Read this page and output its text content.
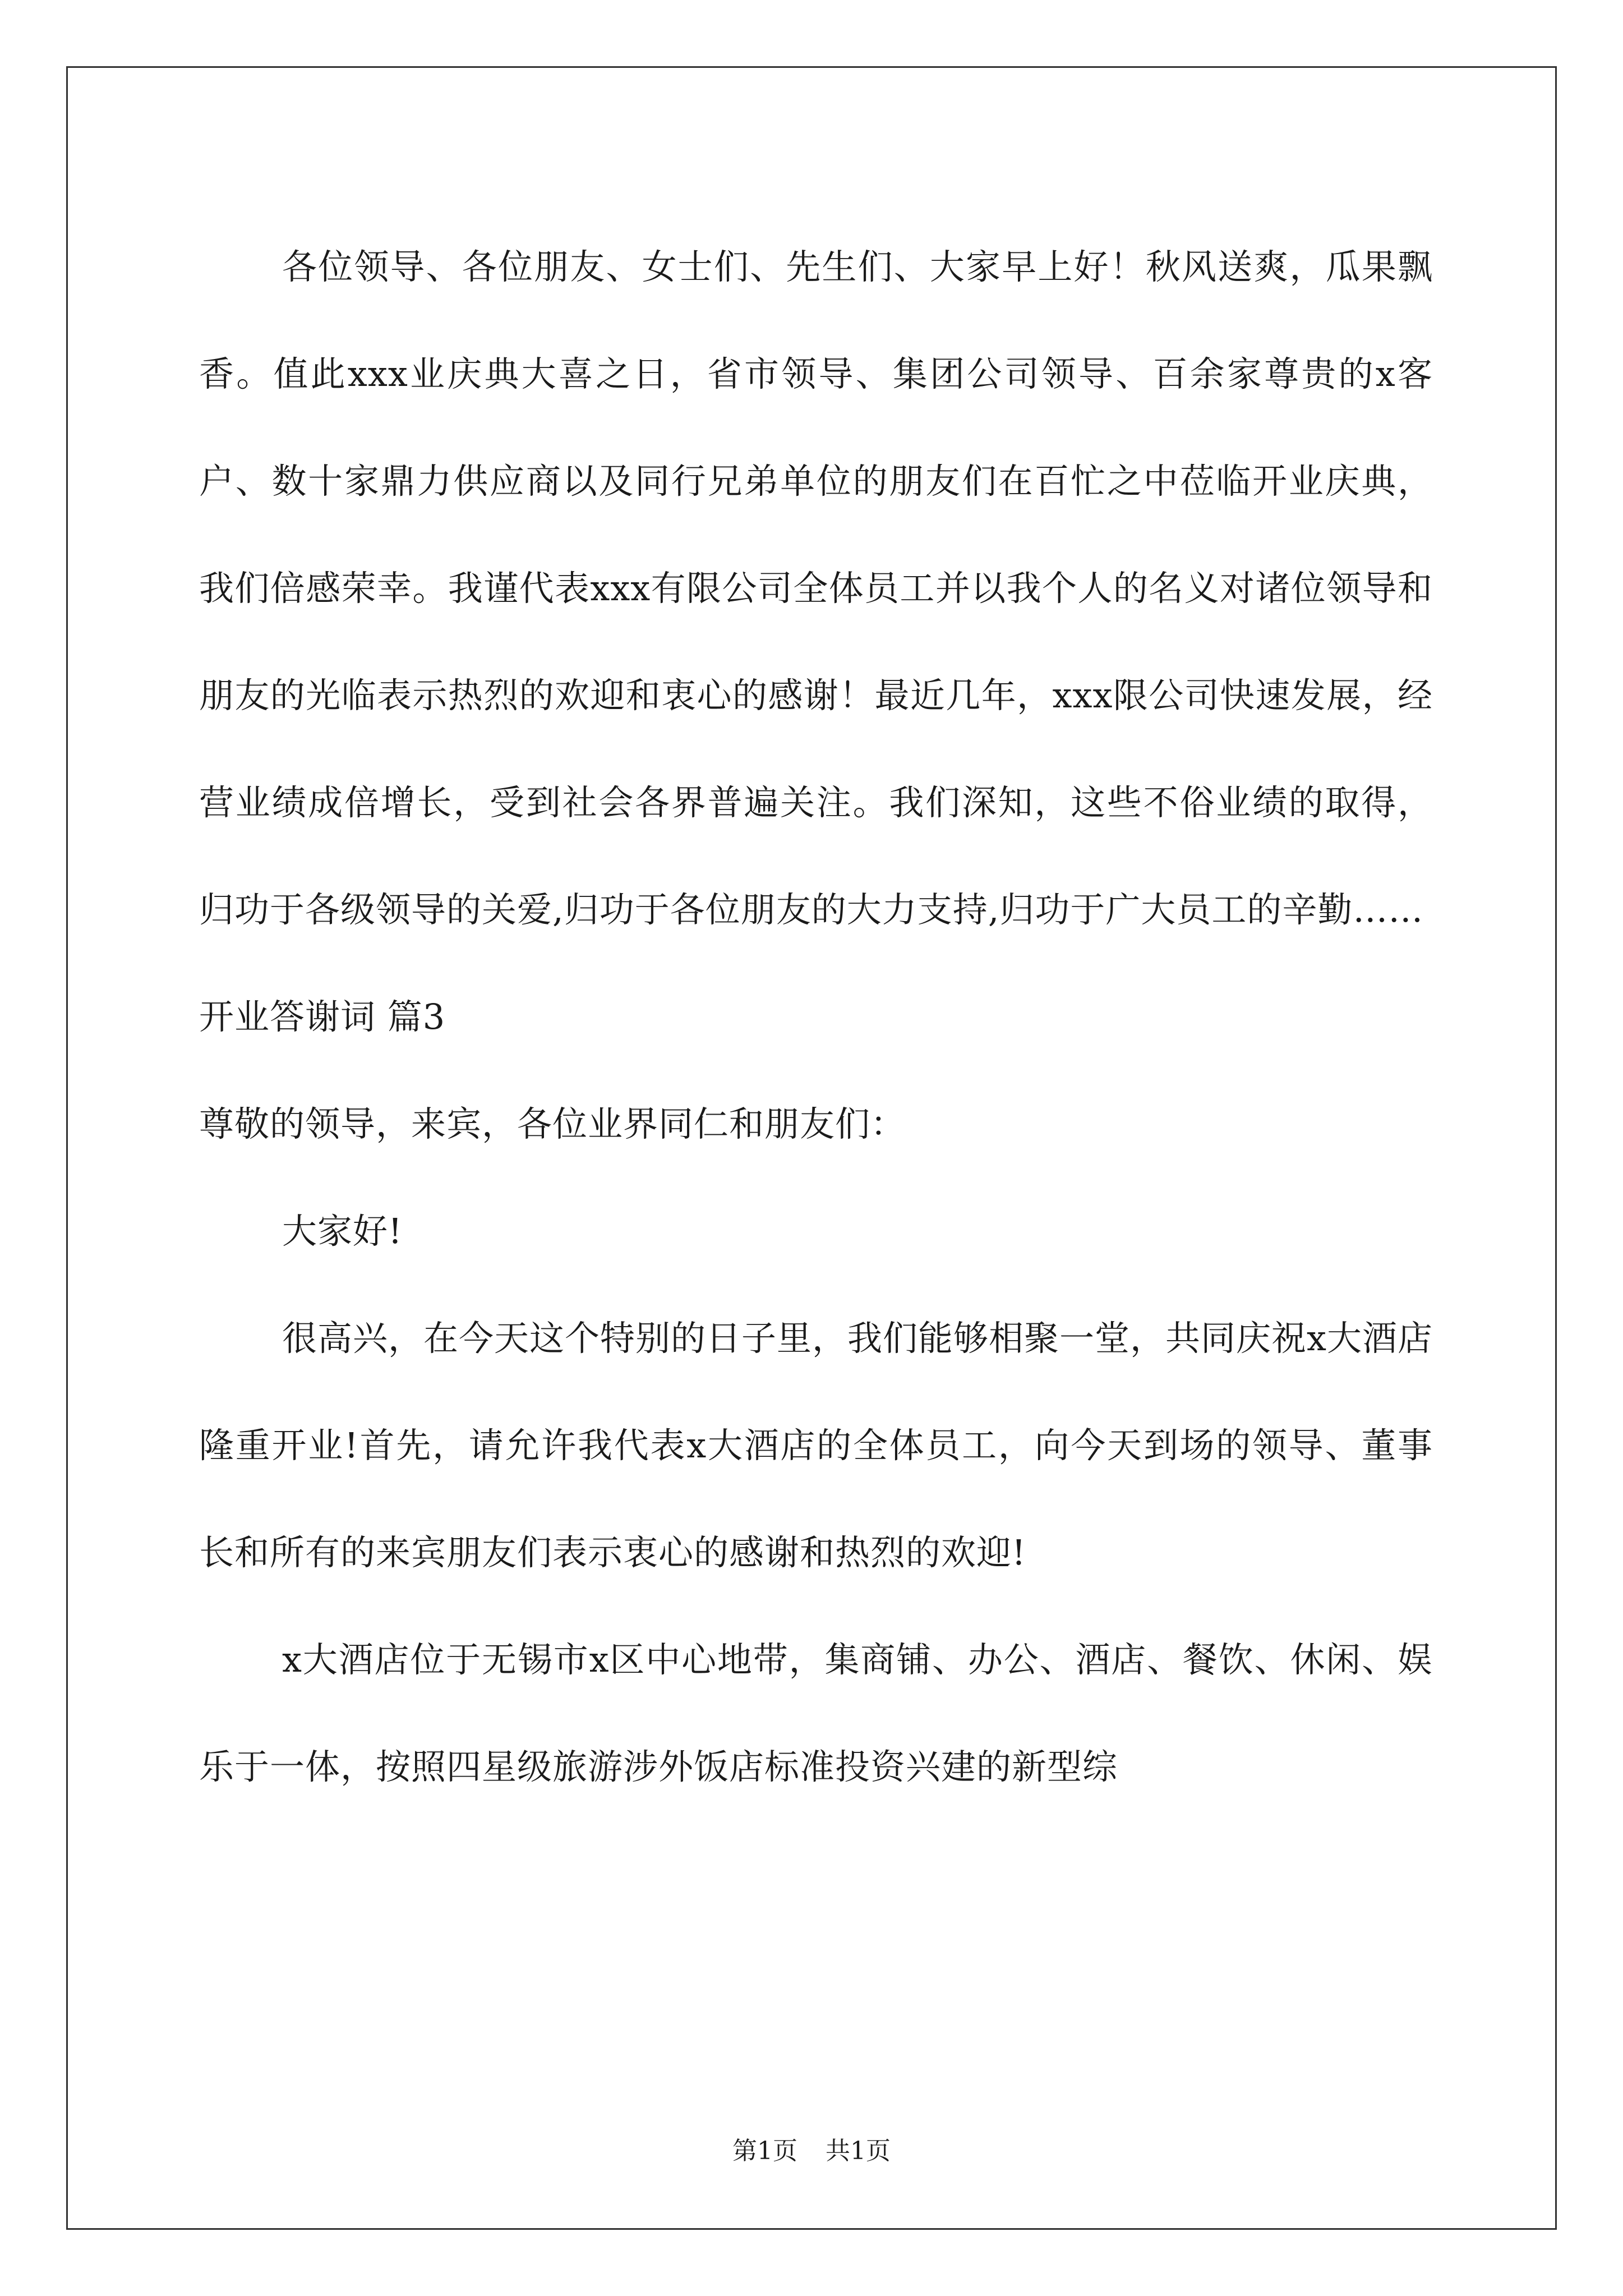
各位领导、各位朋友、女士们、先生们、大家早上好！秋风送爽，瓜果飘香。值此xxx业庆典大喜之日，省市领导、集团公司领导、百余家尊贵的x客户、数十家鼎力供应商以及同行兄弟单位的朋友们在百忙之中莅临开业庆典，我们倍感荣幸。我谨代表xxx有限公司全体员工并以我个人的名义对诸位领导和朋友的光临表示热烈的欢迎和衷心的感谢！最近几年，xxx限公司快速发展，经营业绩成倍增长，受到社会各界普遍关注。我们深知，这些不俗业绩的取得，归功于各级领导的关爱,归功于各位朋友的大力支持,归功于广大员工的辛勤……

开业答谢词 篇3

尊敬的领导，来宾，各位业界同仁和朋友们：

大家好!

很高兴，在今天这个特别的日子里，我们能够相聚一堂，共同庆祝x大酒店隆重开业!首先，请允许我代表x大酒店的全体员工，向今天到场的领导、董事长和所有的来宾朋友们表示衷心的感谢和热烈的欢迎!

x大酒店位于无锡市x区中心地带，集商铺、办公、酒店、餐饮、休闲、娱乐于一体，按照四星级旅游涉外饭店标准投资兴建的新型综

第1页 共1页
